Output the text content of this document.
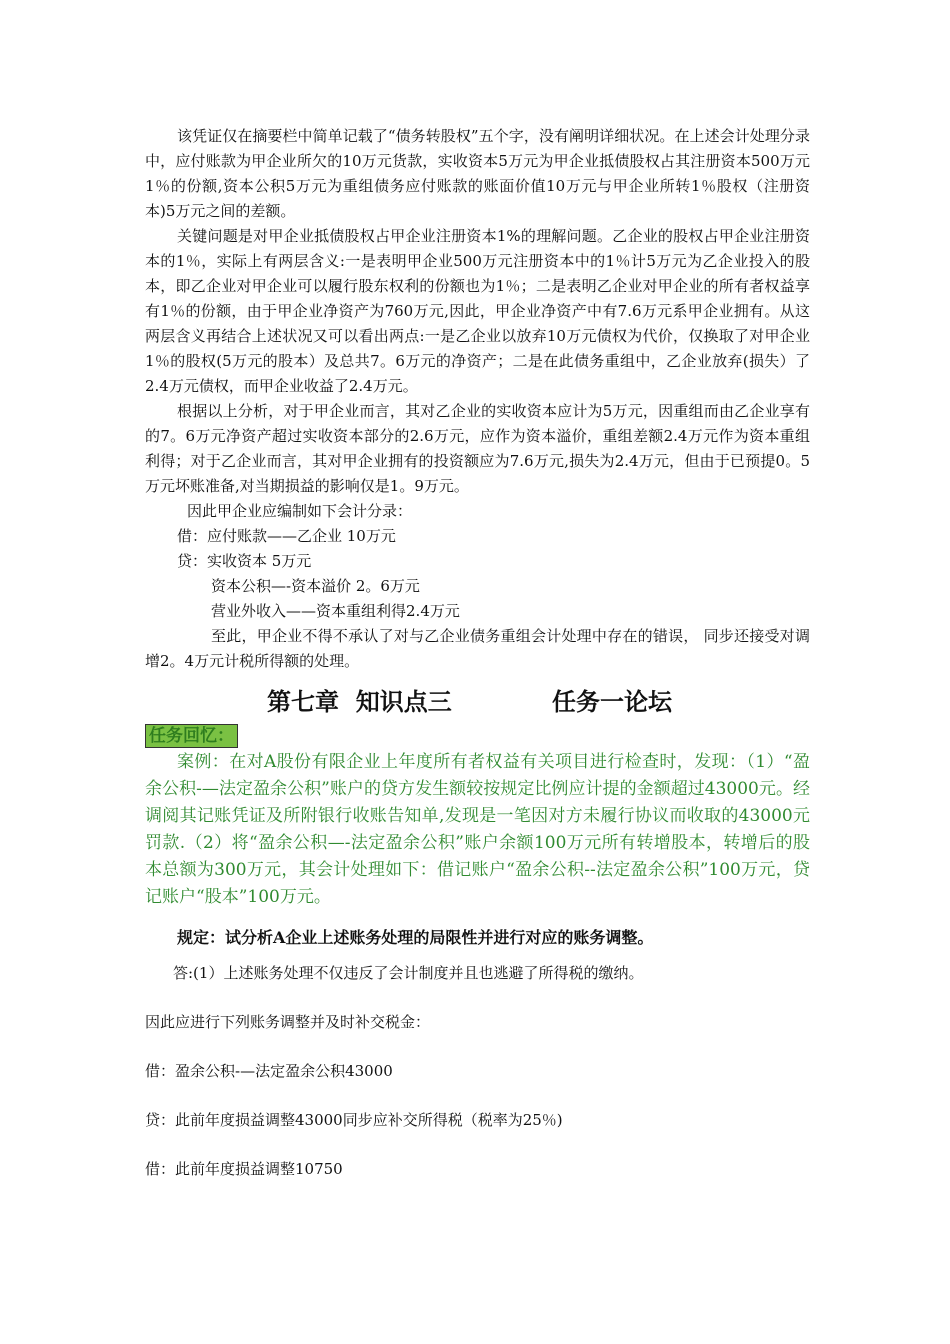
该凭证仅在摘要栏中简单记载了“债务转股权”五个字，没有阐明详细状况。在上述会计处理分录中，应付账款为甲企业所欠的10万元货款，实收资本5万元为甲企业抵债股权占其注册资本500万元1％的份额,资本公积5万元为重组债务应付账款的账面价值10万元与甲企业所转1％股权（注册资本)5万元之间的差额。

关键问题是对甲企业抵债股权占甲企业注册资本1%的理解问题。乙企业的股权占甲企业注册资本的1％，实际上有两层含义:一是表明甲企业500万元注册资本中的1％计5万元为乙企业投入的股本，即乙企业对甲企业可以履行股东权利的份额也为1％；二是表明乙企业对甲企业的所有者权益享有1％的份额，由于甲企业净资产为760万元,因此，甲企业净资产中有7.6万元系甲企业拥有。从这两层含义再结合上述状况又可以看出两点:一是乙企业以放弃10万元债权为代价，仅换取了对甲企业1％的股权(5万元的股本）及总共7。6万元的净资产；二是在此债务重组中，乙企业放弃(损失）了2.4万元债权，而甲企业收益了2.4万元。

根据以上分析，对于甲企业而言，其对乙企业的实收资本应计为5万元，因重组而由乙企业享有的7。6万元净资产超过实收资本部分的2.6万元，应作为资本溢价，重组差额2.4万元作为资本重组利得；对于乙企业而言，其对甲企业拥有的投资额应为7.6万元,损失为2.4万元，但由于已预提0。5万元坏账准备,对当期损益的影响仅是1。9万元。

因此甲企业应编制如下会计分录：

借：应付账款——乙企业 10万元

贷：实收资本 5万元

资本公积—-资本溢价 2。6万元

营业外收入——资本重组利得2.4万元

至此，甲企业不得不承认了对与乙企业债务重组会计处理中存在的错误， 同步还接受对调增2。4万元计税所得额的处理。

第七章  知识点三            任务一论坛
任务回忆：

案例：在对A股份有限企业上年度所有者权益有关项目进行检查时，发现：（1）“盈余公积-—法定盈余公积”账户的贷方发生额较按规定比例应计提的金额超过43000元。经调阅其记账凭证及所附银行收账告知单,发现是一笔因对方未履行协议而收取的43000元罚款.（2）将“盈余公积—-法定盈余公积”账户余额100万元所有转增股本，转增后的股本总额为300万元，其会计处理如下：借记账户“盈余公积--法定盈余公积”100万元，贷记账户“股本”100万元。

规定：试分析A企业上述账务处理的局限性并进行对应的账务调整。

答:(1）上述账务处理不仅违反了会计制度并且也逃避了所得税的缴纳。

因此应进行下列账务调整并及时补交税金：

借：盈余公积-—法定盈余公积43000

贷：此前年度损益调整43000同步应补交所得税（税率为25％)

借：此前年度损益调整10750
